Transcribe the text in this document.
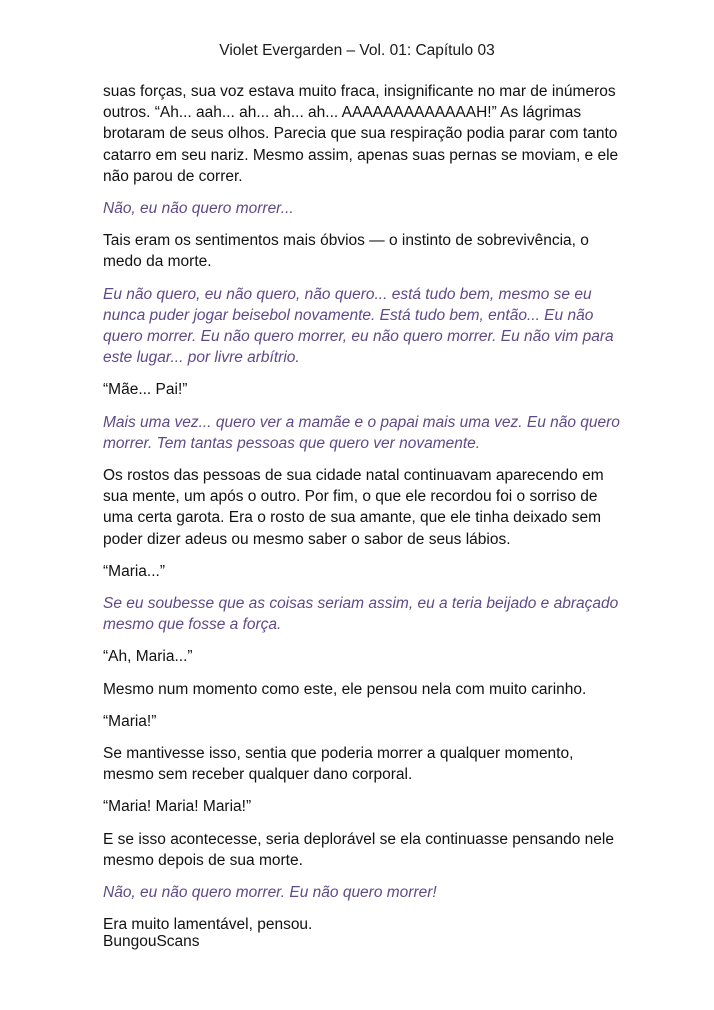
Violet Evergarden – Vol. 01: Capítulo 03

suas forças, sua voz estava muito fraca, insignificante no mar de inúmeros outros. “Ah... aah... ah... ah... ah... AAAAAAAAAAAAAH!” As lágrimas brotaram de seus olhos. Parecia que sua respiração podia parar com tanto catarro em seu nariz. Mesmo assim, apenas suas pernas se moviam, e ele não parou de correr.

Não, eu não quero morrer...

Tais eram os sentimentos mais óbvios — o instinto de sobrevivência, o medo da morte.

Eu não quero, eu não quero, não quero... está tudo bem, mesmo se eu nunca puder jogar beisebol novamente. Está tudo bem, então... Eu não quero morrer. Eu não quero morrer, eu não quero morrer. Eu não vim para este lugar... por livre arbítrio.

“Mãe... Pai!”

Mais uma vez... quero ver a mamãe e o papai mais uma vez. Eu não quero morrer. Tem tantas pessoas que quero ver novamente.

Os rostos das pessoas de sua cidade natal continuavam aparecendo em sua mente, um após o outro. Por fim, o que ele recordou foi o sorriso de uma certa garota. Era o rosto de sua amante, que ele tinha deixado sem poder dizer adeus ou mesmo saber o sabor de seus lábios.

“Maria...”

Se eu soubesse que as coisas seriam assim, eu a teria beijado e abraçado mesmo que fosse a força.

“Ah, Maria...”

Mesmo num momento como este, ele pensou nela com muito carinho.

“Maria!”

Se mantivesse isso, sentia que poderia morrer a qualquer momento, mesmo sem receber qualquer dano corporal.

“Maria! Maria! Maria!”

E se isso acontecesse, seria deplorável se ela continuasse pensando nele mesmo depois de sua morte.

Não, eu não quero morrer. Eu não quero morrer!

Era muito lamentável, pensou.

BungouScans
